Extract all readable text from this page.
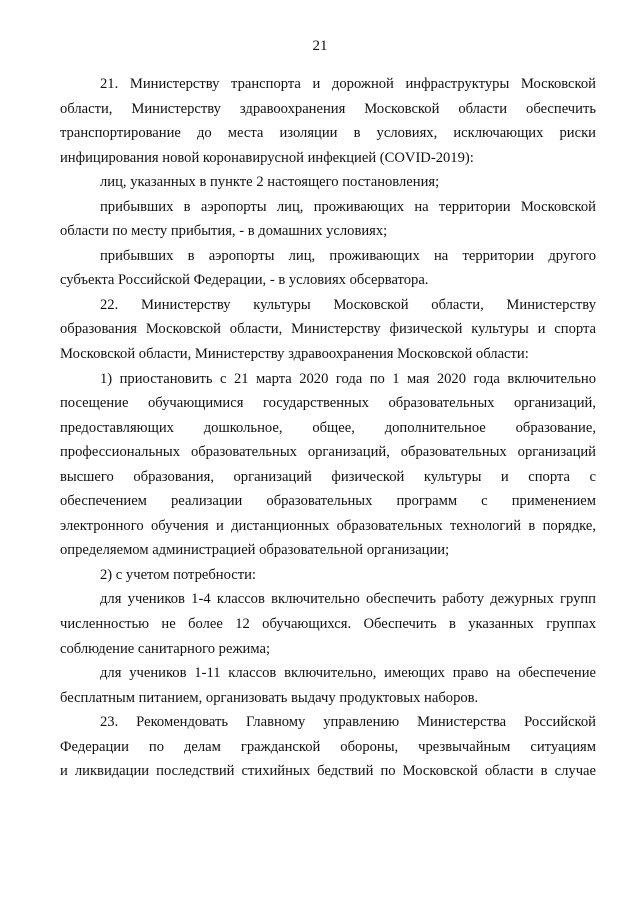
21
21. Министерству транспорта и дорожной инфраструктуры Московской
области, Министерству здравоохранения Московской области обеспечить
транспортирование до места изоляции в условиях, исключающих риски
инфицирования новой коронавирусной инфекцией (COVID-2019):
лиц, указанных в пункте 2 настоящего постановления;
прибывших в аэропорты лиц, проживающих на территории Московской
области по месту прибытия, - в домашних условиях;
прибывших в аэропорты лиц, проживающих на территории другого
субъекта Российской Федерации, - в условиях обсерватора.
22. Министерству культуры Московской области, Министерству
образования Московской области, Министерству физической культуры и спорта
Московской области, Министерству здравоохранения Московской области:
1) приостановить с 21 марта 2020 года по 1 мая 2020 года включительно
посещение обучающимися государственных образовательных организаций,
предоставляющих дошкольное, общее, дополнительное образование,
профессиональных образовательных организаций, образовательных организаций
высшего образования, организаций физической культуры и спорта с
обеспечением реализации образовательных программ с применением
электронного обучения и дистанционных образовательных технологий в порядке,
определяемом администрацией образовательной организации;
2) с учетом потребности:
для учеников 1-4 классов включительно обеспечить работу дежурных групп
численностью не более 12 обучающихся. Обеспечить в указанных группах
соблюдение санитарного режима;
для учеников 1-11 классов включительно, имеющих право на обеспечение
бесплатным питанием, организовать выдачу продуктовых наборов.
23. Рекомендовать Главному управлению Министерства Российской
Федерации по делам гражданской обороны, чрезвычайным ситуациям
и ликвидации последствий стихийных бедствий по Московской области в случае
